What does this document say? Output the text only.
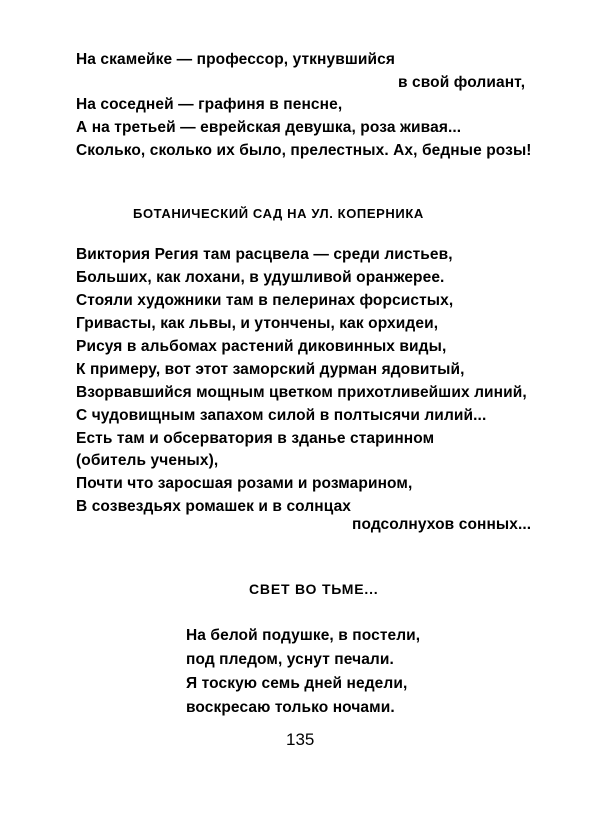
На скамейке — профессор, уткнувшийся
в свой фолиант,
На соседней — графиня в пенсне,
А на третьей — еврейская девушка, роза живая...
Сколько, сколько их было, прелестных. Ах, бедные розы!
БОТАНИЧЕСКИЙ САД НА УЛ. КОПЕРНИКА
Виктория Регия там расцвела — среди листьев,
Больших, как лохани, в удушливой оранжерее.
Стояли художники там в пелеринах форсистых,
Гривасты, как львы, и утончены, как орхидеи,
Рисуя в альбомах растений диковинных виды,
К примеру, вот этот заморский дурман ядовитый,
Взорвавшийся мощным цветком прихотливейших линий,
С чудовищным запахом силой в полтысячи лилий...
Есть там и обсерватория в зданье старинном
(обитель ученых),
Почти что заросшая розами и розмарином,
В созвездьях ромашек и в солнцах
подсолнухов сонных...
СВЕТ ВО ТЬМЕ...
На белой подушке, в постели,
под пледом, уснут печали.
Я тоскую семь дней недели,
воскресаю только ночами.
135
